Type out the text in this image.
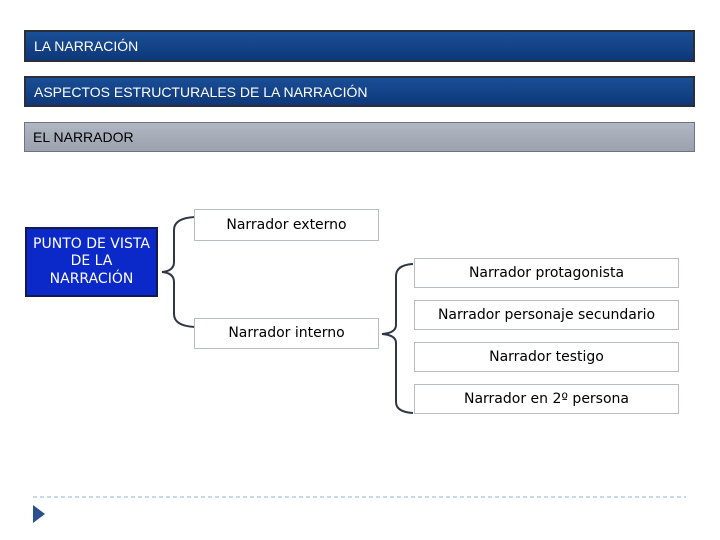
LA NARRACIÓN
ASPECTOS ESTRUCTURALES DE LA NARRACIÓN
EL NARRADOR
PUNTO DE VISTA DE LA NARRACIÓN
Narrador externo
Narrador interno
Narrador protagonista
Narrador personaje secundario
Narrador testigo
Narrador en 2º persona
